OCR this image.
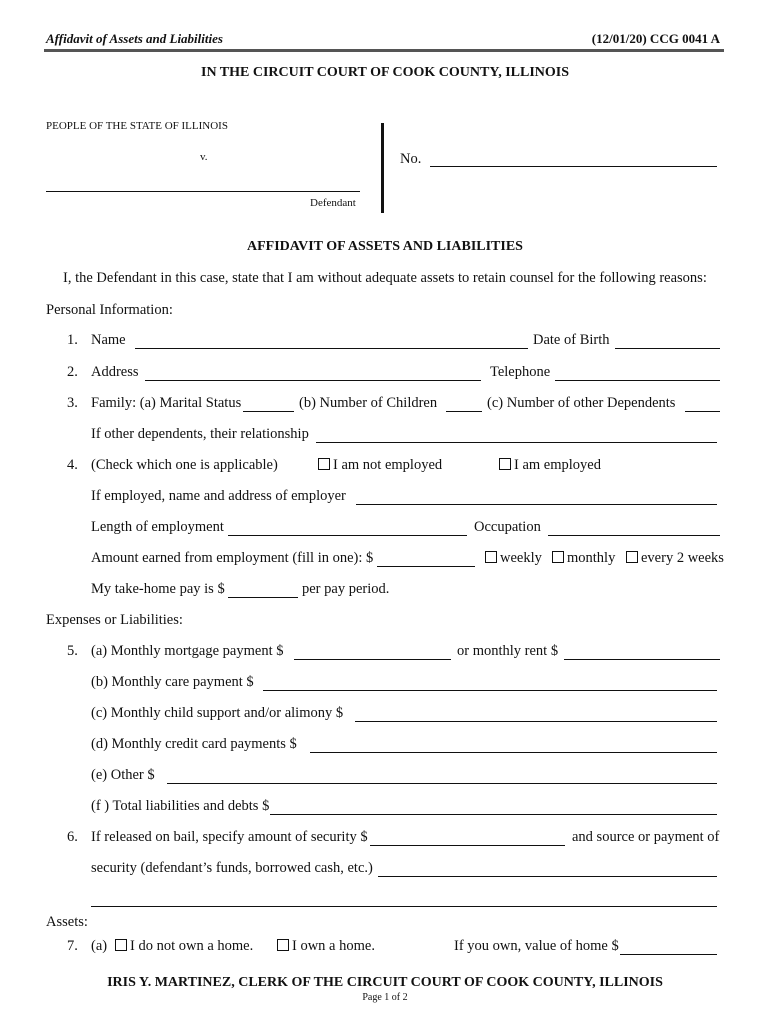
Affidavit of Assets and Liabilities	(12/01/20) CCG 0041 A
IN THE CIRCUIT COURT OF COOK COUNTY, ILLINOIS
PEOPLE OF THE STATE OF ILLINOIS
v.
Defendant
No.
AFFIDAVIT OF ASSETS AND LIABILITIES
I, the Defendant in this case, state that I am without adequate assets to retain counsel for the following reasons:
Personal Information:
1. Name	Date of Birth
2. Address	Telephone
3. Family: (a) Marital Status	(b) Number of Children	(c) Number of other Dependents
If other dependents, their relationship
4. (Check which one is applicable)	I am not employed	I am employed
If employed, name and address of employer
Length of employment	Occupation
Amount earned from employment (fill in one): $	weekly	monthly	every 2 weeks
My take-home pay is $	per pay period.
Expenses or Liabilities:
5. (a) Monthly mortgage payment $	or monthly rent $
(b) Monthly care payment $
(c) Monthly child support and/or alimony $
(d) Monthly credit card payments $
(e) Other $
(f ) Total liabilities and debts $
6. If released on bail, specify amount of security $	and source or payment of
security (defendant’s funds, borrowed cash, etc.)
Assets:
7. (a)	I do not own a home.	I own a home.	If you own, value of home $
IRIS Y. MARTINEZ, CLERK OF THE CIRCUIT COURT OF COOK COUNTY, ILLINOIS
Page 1 of 2
